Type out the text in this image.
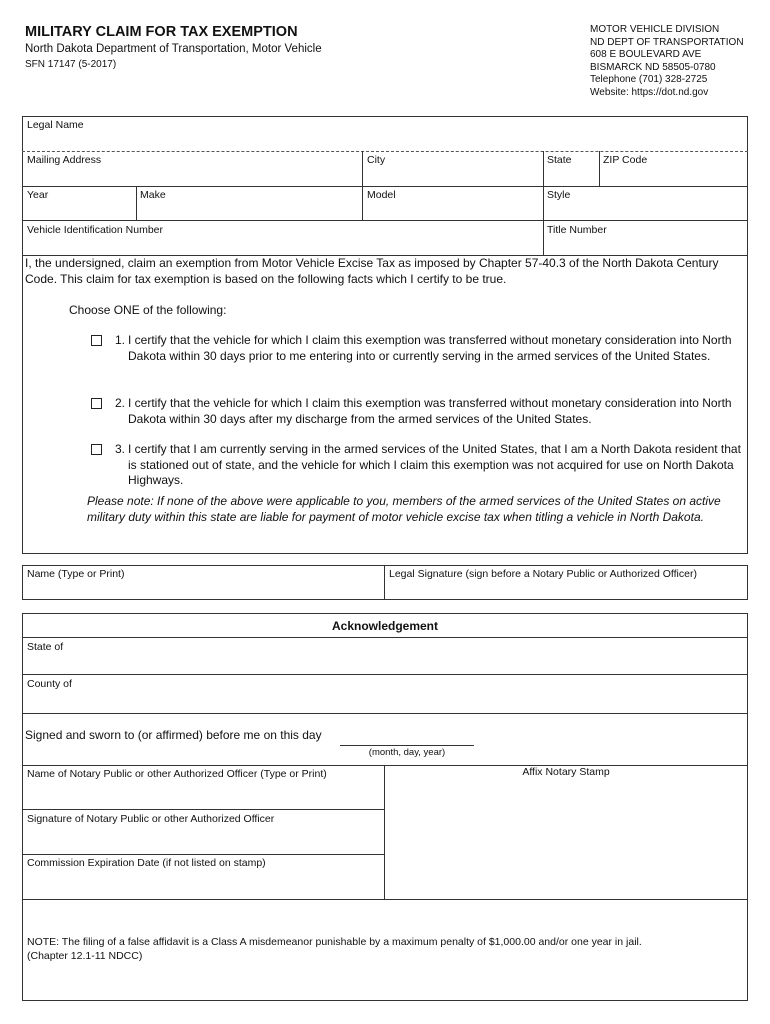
MILITARY CLAIM FOR TAX EXEMPTION
North Dakota Department of Transportation, Motor Vehicle
SFN 17147 (5-2017)
MOTOR VEHICLE DIVISION
ND DEPT OF TRANSPORTATION
608 E BOULEVARD AVE
BISMARCK ND 58505-0780
Telephone (701) 328-2725
Website: https://dot.nd.gov
Legal Name
Mailing Address	City	State	ZIP Code
Year	Make	Model	Style
Vehicle Identification Number	Title Number
I, the undersigned, claim an exemption from Motor Vehicle Excise Tax as imposed by Chapter 57-40.3 of the North Dakota Century Code. This claim for tax exemption is based on the following facts which I certify to be true.
Choose ONE of the following:
1. I certify that the vehicle for which I claim this exemption was transferred without monetary consideration into North Dakota within 30 days prior to me entering into or currently serving in the armed services of the United States.
2. I certify that the vehicle for which I claim this exemption was transferred without monetary consideration into North Dakota within 30 days after my discharge from the armed services of the United States.
3. I certify that I am currently serving in the armed services of the United States, that I am a North Dakota resident that is stationed out of state, and the vehicle for which I claim this exemption was not acquired for use on North Dakota Highways.
Please note: If none of the above were applicable to you, members of the armed services of the United States on active military duty within this state are liable for payment of motor vehicle excise tax when titling a vehicle in North Dakota.
Name (Type or Print)	Legal Signature (sign before a Notary Public or Authorized Officer)
Acknowledgement
State of
County of
Signed and sworn to (or affirmed) before me on this day
(month, day, year)
Name of Notary Public or other Authorized Officer (Type or Print)	Affix Notary Stamp
Signature of Notary Public or other Authorized Officer
Commission Expiration Date (if not listed on stamp)
NOTE: The filing of a false affidavit is a Class A misdemeanor punishable by a maximum penalty of $1,000.00 and/or one year in jail.
(Chapter 12.1-11 NDCC)
